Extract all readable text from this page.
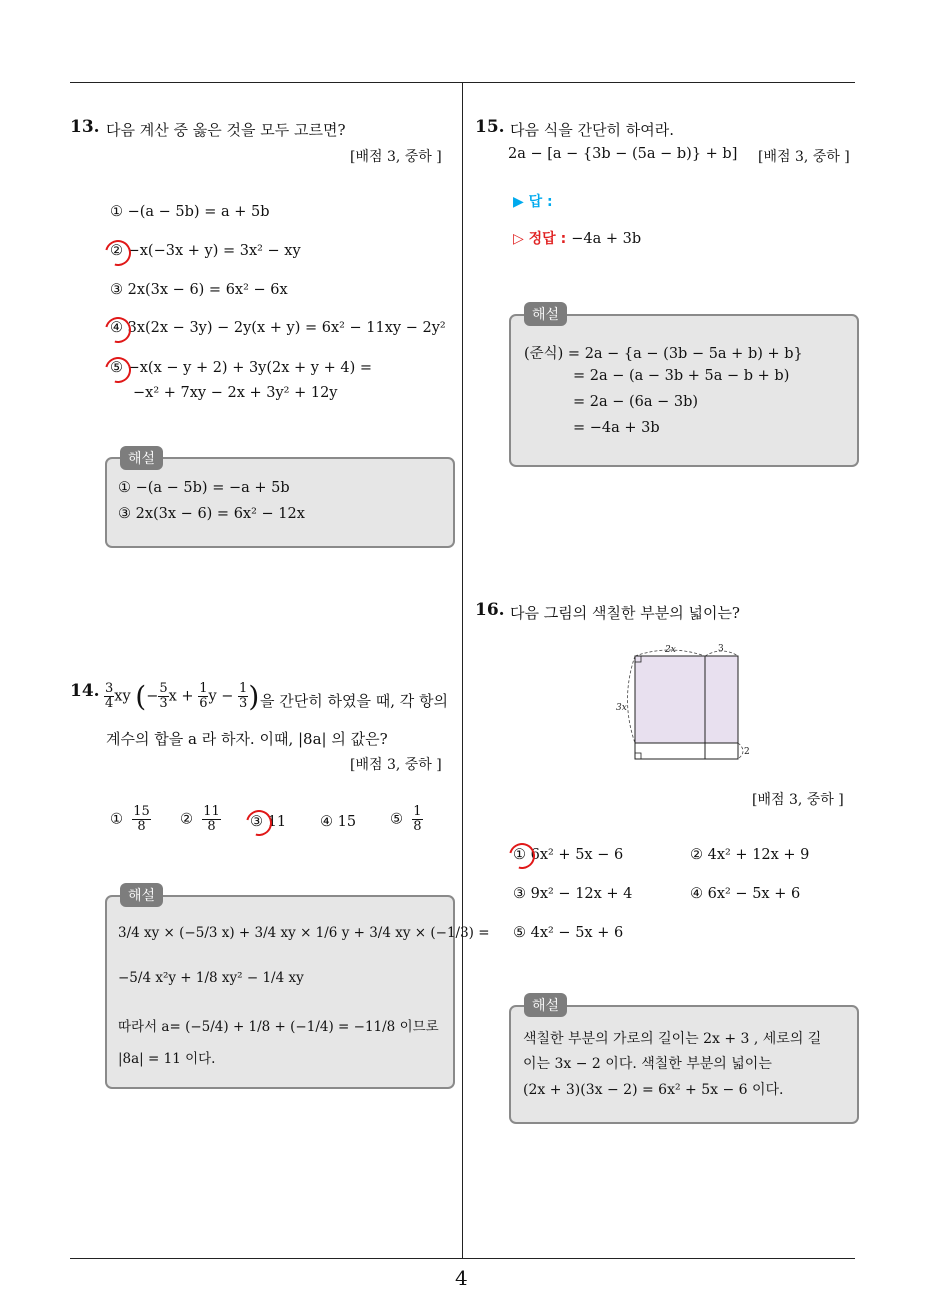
4
13. 다음 계산 중 옳은 것을 모두 고르면?
[배점 3, 중하 ]
① −(a − 5b) = a + 5b
② −x(−3x + y) = 3x² − xy
③ 2x(3x − 6) = 6x² − 6x
④ 3x(2x − 3y) − 2y(x + y) = 6x² − 11xy − 2y²
⑤ −x(x − y + 2) + 3y(2x + y + 4) =
−x² + 7xy − 2x + 3y² + 12y
해설
① −(a − 5b) = −a + 5b
③ 2x(3x − 6) = 6x² − 12x
14. $\frac{3}{4}$ xy (− $\frac{5}{3}$ $x + \frac{1}{6}$ $y - \frac{1}{3}$ ) 을 간단히 하였을 때, 각 항의
계수의 합을 a 라 하자. 이때, |8a| 의 값은?
[배점 3, 중하 ]
① $\frac{15}{8}$ ② $\frac{11}{8}$ ③ 11 ④ 15 ⑤ $\frac{1}{8}$
해설
3/4 xy × (−5/3 x) + 3/4 xy × 1/6 y + 3/4 xy × (−1/3) =
−5/4 x²y + 1/8 xy² − 1/4 xy
따라서 a= (−5/4) + 1/8 + (−1/4) = −11/8 이므로
|8a| = 11 이다.
15. 다음 식을 간단히 하여라.
2a − [a − {3b − (5a − b)} + b] [배점 3, 중하 ]
▶ 답 :
▷ 정답 : −4a + 3b
해설
(준식) = 2a − {a − (3b − 5a + b) + b}
= 2a − (a − 3b + 5a − b + b)
= 2a − (6a − 3b)
= −4a + 3b
16. 다음 그림의 색칠한 부분의 넓이는?
2x	3
3x
2
[배점 3, 중하 ]
① 6x² + 5x − 6	② 4x² + 12x + 9
③ 9x² − 12x + 4	④ 6x² − 5x + 6
⑤ 4x² − 5x + 6
해설
색칠한 부분의 가로의 길이는 2x + 3 , 세로의 길
이는 3x − 2 이다. 색칠한 부분의 넓이는
(2x + 3)(3x − 2) = 6x² + 5x − 6 이다.
